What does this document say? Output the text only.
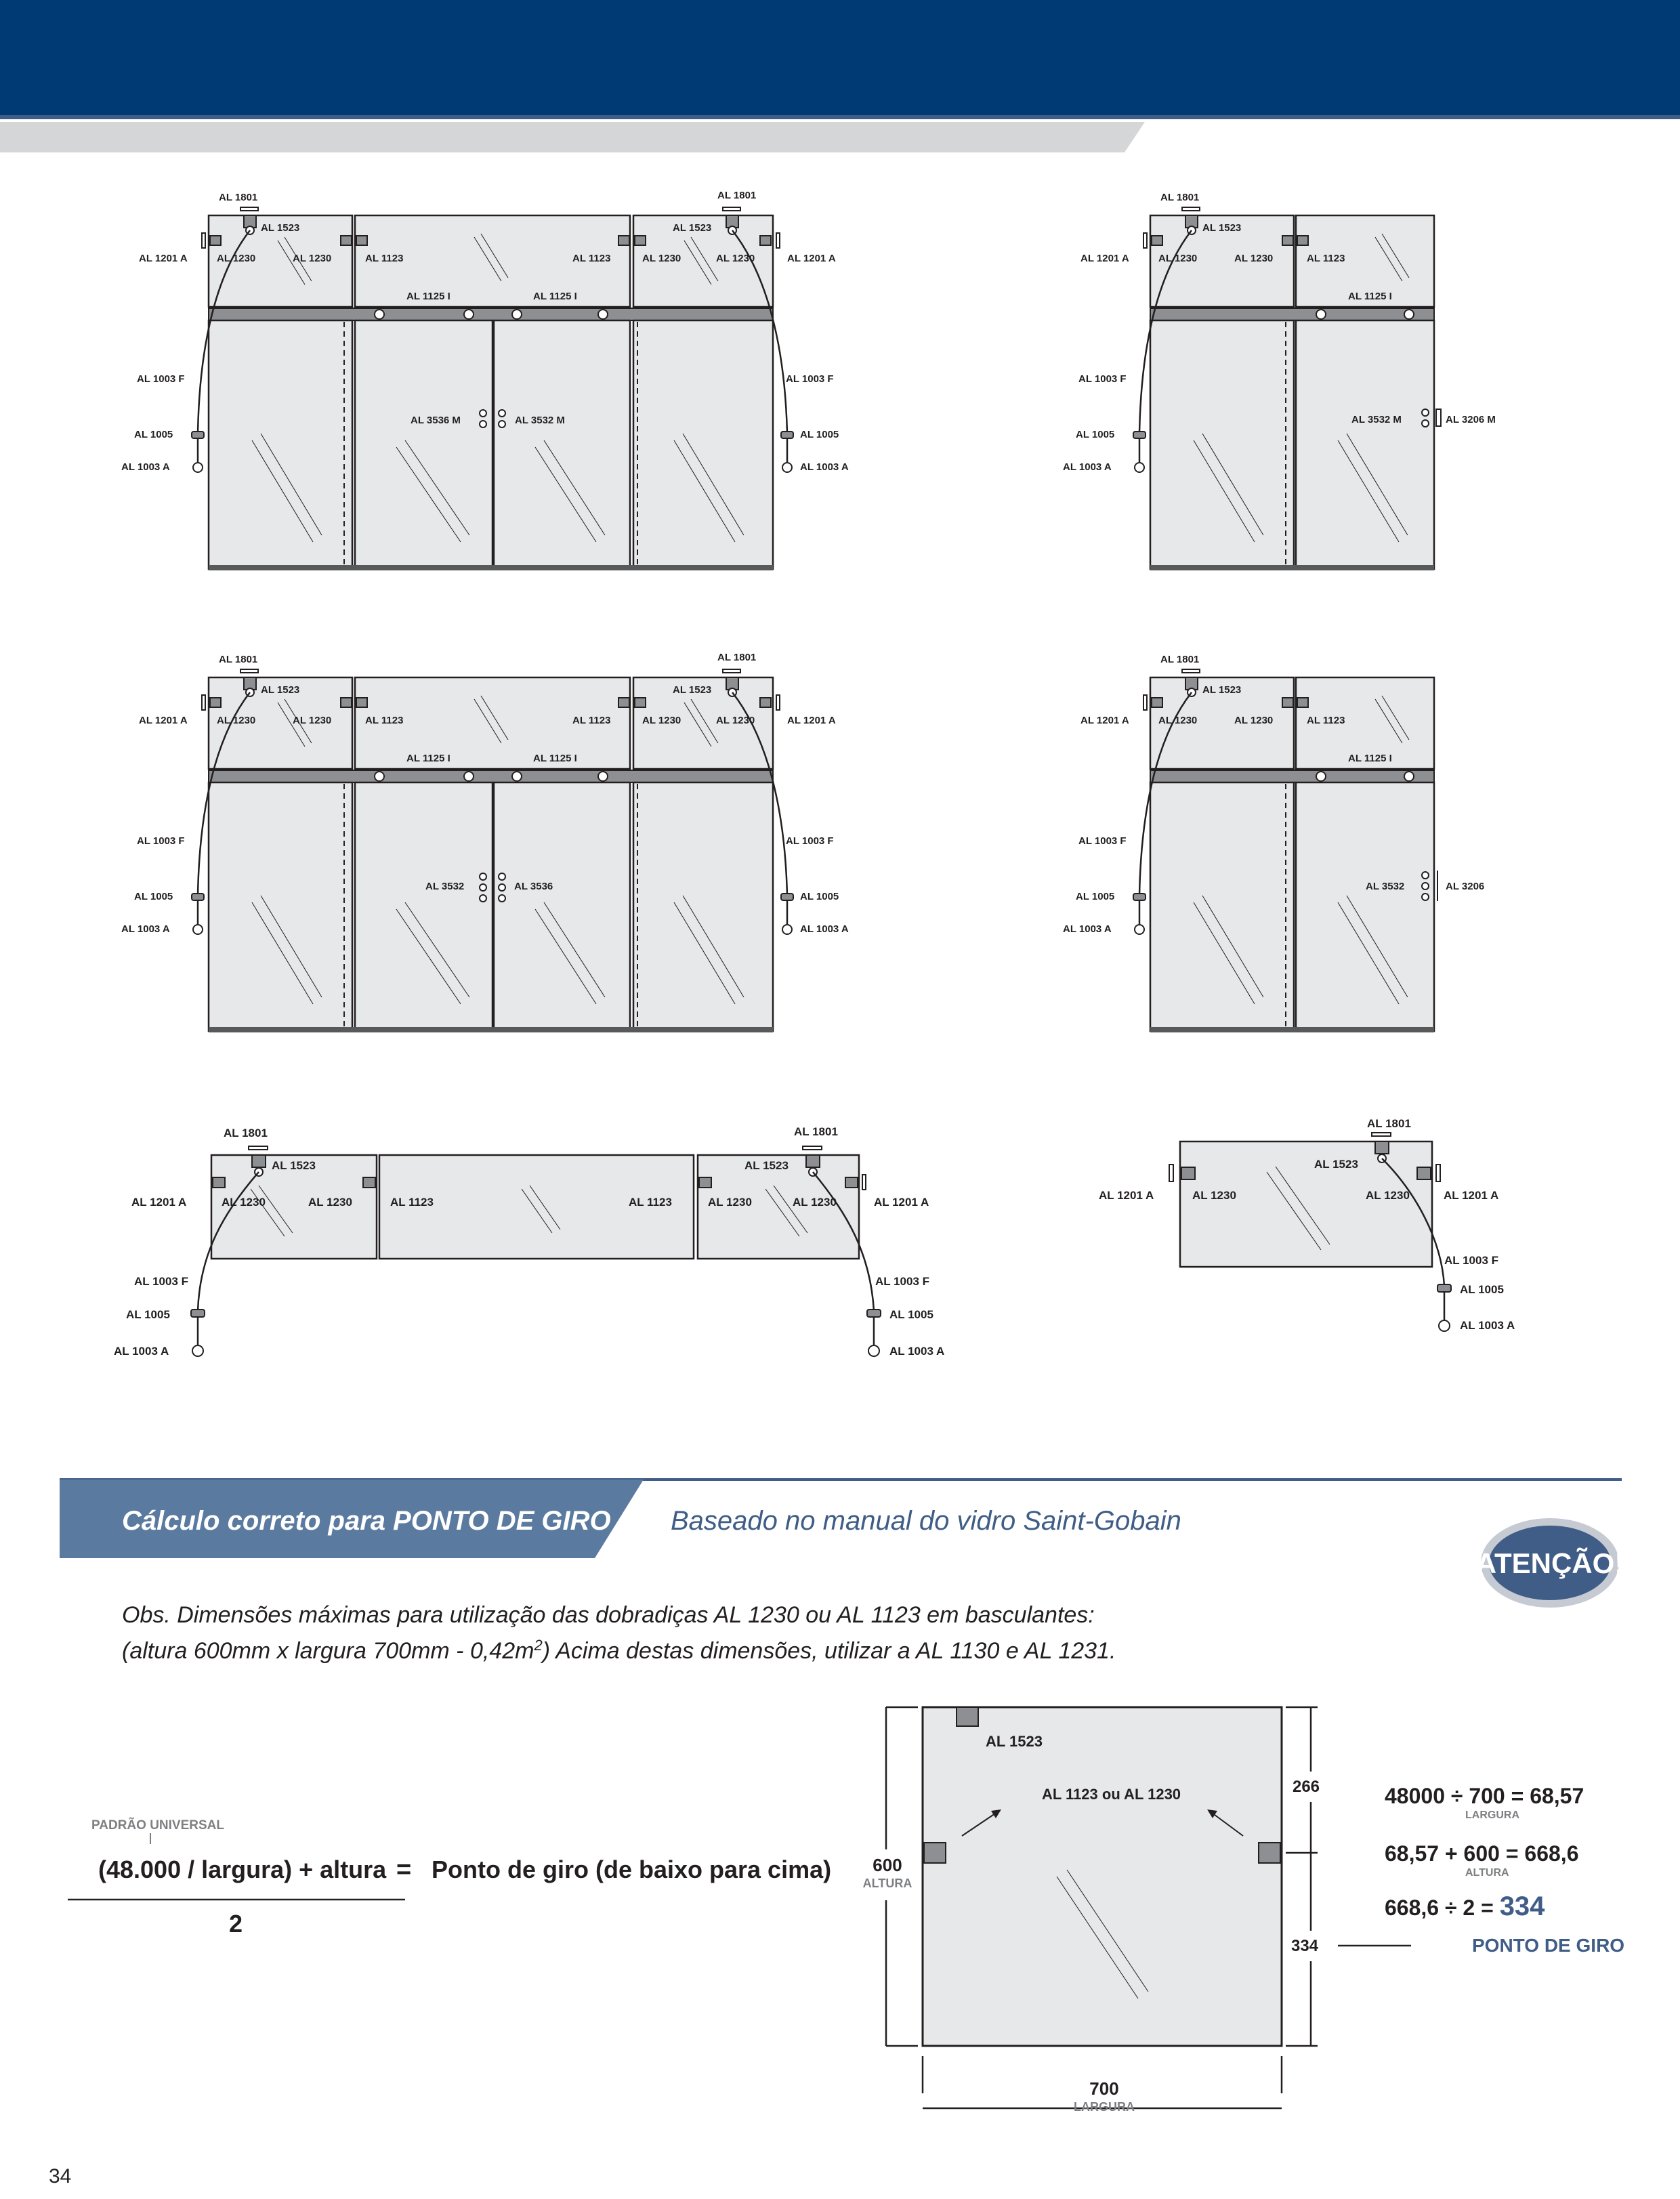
AL 1801	AL 1801
AL 1523	AL 1523
AL 1201 A	AL 1230	AL 1230	AL 1123	AL 1123	AL 1230	AL 1230	AL 1201 A
AL 1125 I	AL 1125 I
AL 1003 F	AL 1003 F
AL 1005	AL 1005
AL 1003 A	AL 1003 A
AL 3536 M	AL 3532 M
AL 1801
AL 1523
AL 1201 A	AL 1230	AL 1230	AL 1123
AL 1125 I
AL 1003 F
AL 1005
AL 1003 A
AL 3532 M	AL 3206 M
AL 1801	AL 1801
AL 1523	AL 1523
AL 1201 A	AL 1230	AL 1230	AL 1123	AL 1123	AL 1230	AL 1230	AL 1201 A
AL 1125 I	AL 1125 I
AL 1003 F	AL 1003 F
AL 1005	AL 1005
AL 1003 A	AL 1003 A
AL 3532	AL 3536
AL 1801
AL 1523
AL 1201 A	AL 1230	AL 1230	AL 1123
AL 1125 I
AL 1003 F
AL 1005
AL 1003 A
AL 3532	AL 3206
AL 1801	AL 1801
AL 1523	AL 1523
AL 1201 A	AL 1230	AL 1230	AL 1123	AL 1123	AL 1230	AL 1230	AL 1201 A
AL 1003 F	AL 1003 F
AL 1005	AL 1005
AL 1003 A	AL 1003 A
AL 1801
AL 1523
AL 1201 A	AL 1230	AL 1230	AL 1201 A
AL 1003 F
AL 1005
AL 1003 A
Cálculo correto para PONTO DE GIRO Baseado no manual do vidro Saint-Gobain
ATENÇÃO!
Obs. Dimensões máximas para utilização das dobradiças AL 1230 ou AL 1123 em basculantes:
(altura 600mm x largura $700mm - 0,42m^2$) Acima destas dimensões, utilizar a AL 1130 e AL 1231.
PADRÃO UNIVERSAL
(48.000 / largura) + altura = Ponto de giro (de baixo para cima)
2
AL 1523
AL 1123 ou AL 1230
600
ALTURA
700
LARGURA
266
334
48000 ÷ 700 = 68,57
LARGURA
68,57 + 600 = 668,6
ALTURA
668,6 ÷ 2 = 334
PONTO DE GIRO
34
